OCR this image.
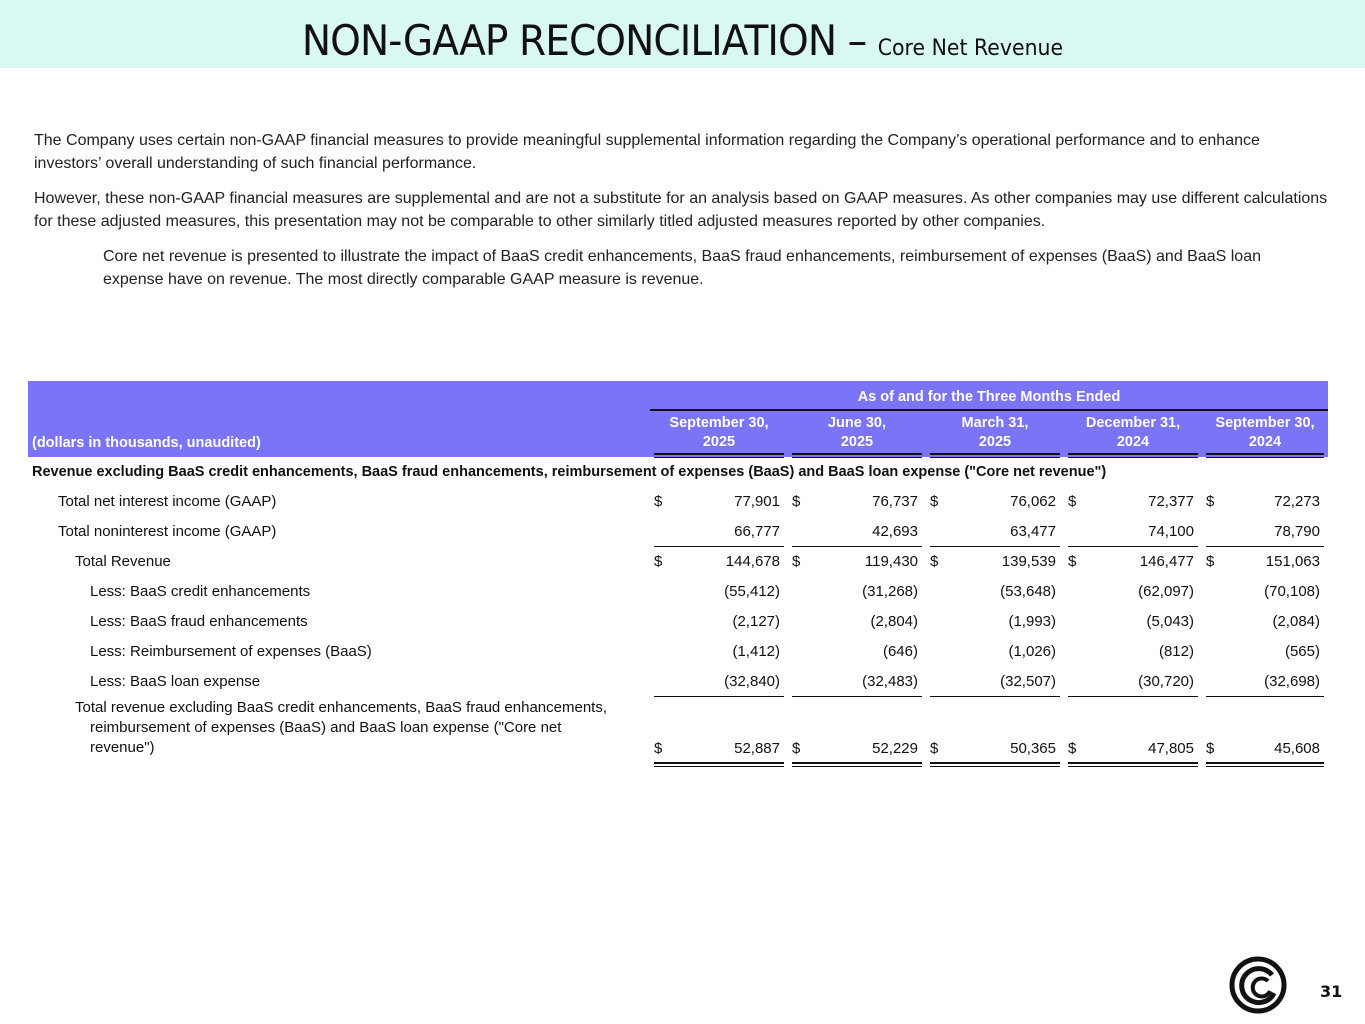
NON-GAAP RECONCILIATION – Core Net Revenue
The Company uses certain non-GAAP financial measures to provide meaningful supplemental information regarding the Company’s operational performance and to enhance investors’ overall understanding of such financial performance.
However, these non-GAAP financial measures are supplemental and are not a substitute for an analysis based on GAAP measures. As other companies may use different calculations for these adjusted measures, this presentation may not be comparable to other similarly titled adjusted measures reported by other companies.
Core net revenue is presented to illustrate the impact of BaaS credit enhancements, BaaS fraud enhancements, reimbursement of expenses (BaaS) and BaaS loan expense have on revenue. The most directly comparable GAAP measure is revenue.
As of and for the Three Months Ended
(dollars in thousands, unaudited)
September 30,
2025
June 30,
2025
March 31,
2025
December 31,
2024
September 30,
2024
Revenue excluding BaaS credit enhancements, BaaS fraud enhancements, reimbursement of expenses (BaaS) and BaaS loan expense ("Core net revenue")
Total net interest income (GAAP)	$	77,901 $	76,737 $	76,062 $	72,377 $	72,273
Total noninterest income (GAAP)	66,777	42,693	63,477	74,100	78,790
Total Revenue	$	144,678 $	119,430 $	139,539 $	146,477 $	151,063
Less: BaaS credit enhancements	(55,412)	(31,268)	(53,648)	(62,097)	(70,108)
Less: BaaS fraud enhancements	(2,127)	(2,804)	(1,993)	(5,043)	(2,084)
Less: Reimbursement of expenses (BaaS)	(1,412)	(646)	(1,026)	(812)	(565)
Less: BaaS loan expense	(32,840)	(32,483)	(32,507)	(30,720)	(32,698)
Total revenue excluding BaaS credit enhancements, BaaS fraud enhancements,
reimbursement of expenses (BaaS) and BaaS loan expense ("Core net
revenue")	$	52,887 $	52,229 $	50,365 $	47,805 $	45,608
31
